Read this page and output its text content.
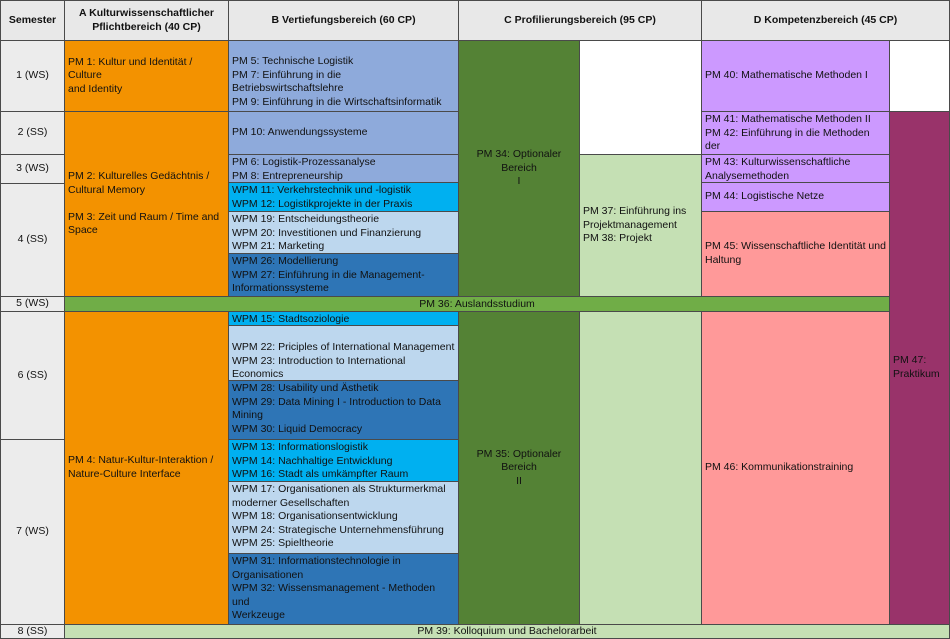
Semester
A Kulturwissenschaftlicher
Pflichtbereich (40 CP)
B Vertiefungsbereich (60 CP)	C Profilierungsbereich (95 CP)	D Kompetenzbereich (45 CP)
1 (WS)
2 (SS)
3 (WS)
4 (SS)
5 (WS)
6 (SS)
7 (WS)
8 (SS)
PM 1: Kultur und Identität / Culture
and Identity
PM 2: Kulturelles Gedächtnis /
Cultural Memory
PM 3: Zeit und Raum / Time and
Space
PM 4: Natur-Kultur-Interaktion /
Nature-Culture Interface
PM 5: Technische Logistik
PM 7: Einführung in die Betriebswirtschaftslehre
PM 9: Einführung in die Wirtschaftsinformatik
PM 10: Anwendungssysteme
PM 6: Logistik-Prozessanalyse
PM 8: Entrepreneurship
WPM 11: Verkehrstechnik und -logistik
WPM 12: Logistikprojekte in der Praxis
WPM 19: Entscheidungstheorie
WPM 20: Investitionen und Finanzierung
WPM 21: Marketing
WPM 26: Modellierung
WPM 27: Einführung in die Management-
Informationssysteme
WPM 15: Stadtsoziologie
WPM 22: Priciples of International Management
WPM 23: Introduction to International Economics
WPM 28: Usability und Ästhetik
WPM 29: Data Mining I - Introduction to Data
Mining
WPM 30: Liquid Democracy
WPM 13: Informationslogistik
WPM 14: Nachhaltige Entwicklung
WPM 16: Stadt als umkämpfter Raum
WPM 17: Organisationen als Strukturmerkmal
moderner Gesellschaften
WPM 18: Organisationsentwicklung
WPM 24: Strategische Unternehmensführung
WPM 25: Spieltheorie
WPM 31: Informationstechnologie in
Organisationen
WPM 32: Wissensmanagement - Methoden und
Werkzeuge
PM 34: Optionaler Bereich
I
PM 37: Einführung ins
Projektmanagement
PM 38: Projekt
PM 35: Optionaler Bereich
II
PM 40: Mathematische Methoden I
PM 41: Mathematische Methoden II
PM 42: Einführung in die Methoden der
PM 43: Kulturwissenschaftliche
Analysemethoden
PM 44: Logistische Netze
PM 45: Wissenschaftliche Identität und
Haltung
PM 46: Kommunikationstraining
PM 47:
Praktikum
PM 36: Auslandsstudium
PM 39: Kolloquium und Bachelorarbeit
